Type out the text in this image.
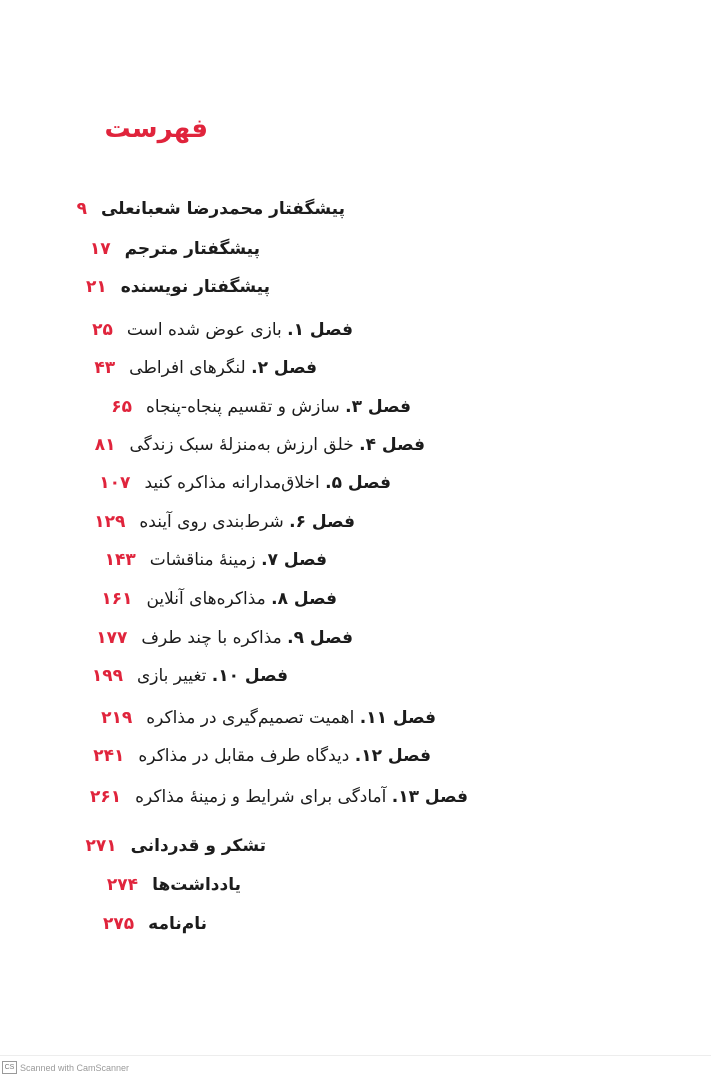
فهرست
پیشگفتار محمدرضا شعبانعلی۹
پیشگفتار مترجم۱۷
پیشگفتار نویسنده۲۱
فصل ۱. بازی عوض شده است۲۵
فصل ۲. لنگرهای افراطی۴۳
فصل ۳. سازش و تقسیم پنجاه-پنجاه۶۵
فصل ۴. خلق ارزش به‌منزلهٔ سبک زندگی۸۱
فصل ۵. اخلاق‌مدارانه مذاکره کنید۱۰۷
فصل ۶. شرط‌بندی روی آینده۱۲۹
فصل ۷. زمینهٔ مناقشات۱۴۳
فصل ۸. مذاکره‌های آنلاین۱۶۱
فصل ۹. مذاکره با چند طرف۱۷۷
فصل ۱۰. تغییر بازی۱۹۹
فصل ۱۱. اهمیت تصمیم‌گیری در مذاکره۲۱۹
فصل ۱۲. دیدگاه طرف مقابل در مذاکره۲۴۱
فصل ۱۳. آمادگی برای شرایط و زمینهٔ مذاکره۲۶۱
تشکر و قدردانی۲۷۱
یادداشت‌ها۲۷۴
نام‌نامه۲۷۵
CS Scanned with CamScanner
